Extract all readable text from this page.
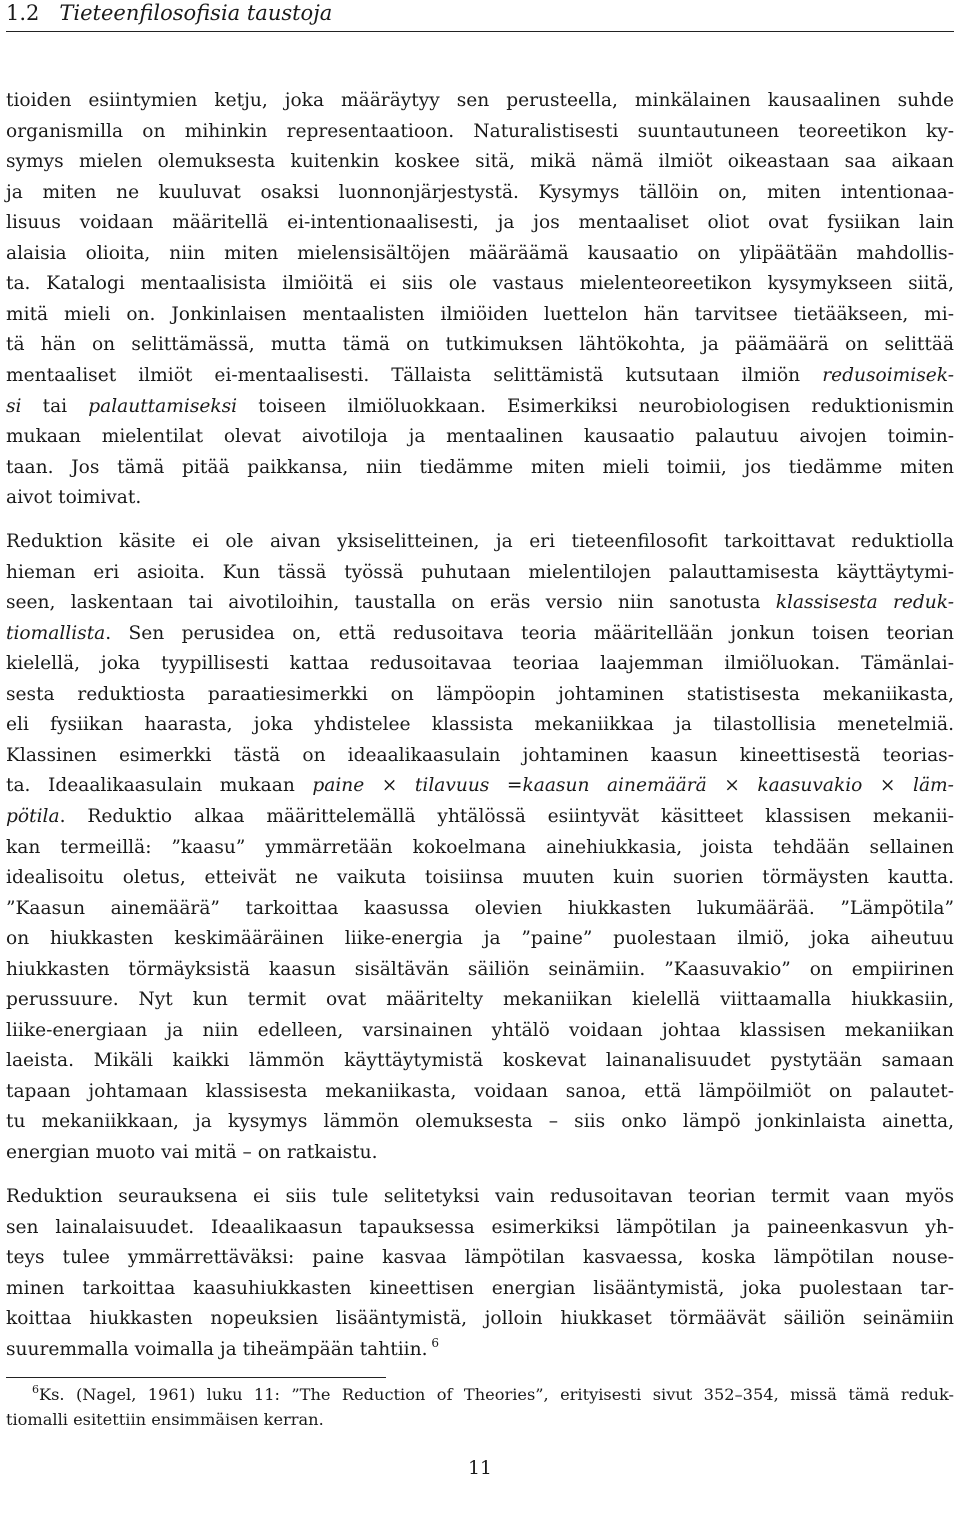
1.2 Tieteenfilosofisia taustoja
tioiden esiintymien ketju, joka määräytyy sen perusteella, minkälainen kausaalinen suhde
organismilla on mihinkin representaatioon. Naturalistisesti suuntautuneen teoreetikon ky-
symys mielen olemuksesta kuitenkin koskee sitä, mikä nämä ilmiöt oikeastaan saa aikaan
ja miten ne kuuluvat osaksi luonnonjärjestystä. Kysymys tällöin on, miten intentionaa-
lisuus voidaan määritellä ei-intentionaalisesti, ja jos mentaaliset oliot ovat fysiikan lain
alaisia olioita, niin miten mielensisältöjen määräämä kausaatio on ylipäätään mahdollis-
ta. Katalogi mentaalisista ilmiöitä ei siis ole vastaus mielenteoreetikon kysymykseen siitä,
mitä mieli on. Jonkinlaisen mentaalisten ilmiöiden luettelon hän tarvitsee tietääkseen, mi-
tä hän on selittämässä, mutta tämä on tutkimuksen lähtökohta, ja päämäärä on selittää
mentaaliset ilmiöt ei-mentaalisesti. Tällaista selittämistä kutsutaan ilmiön redusoimisek-
si tai palauttamiseksi toiseen ilmiöluokkaan. Esimerkiksi neurobiologisen reduktionismin
mukaan mielentilat olevat aivotiloja ja mentaalinen kausaatio palautuu aivojen toimin-
taan. Jos tämä pitää paikkansa, niin tiedämme miten mieli toimii, jos tiedämme miten
aivot toimivat.
Reduktion käsite ei ole aivan yksiselitteinen, ja eri tieteenfilosofit tarkoittavat reduktiolla
hieman eri asioita. Kun tässä työssä puhutaan mielentilojen palauttamisesta käyttäytymi-
seen, laskentaan tai aivotiloihin, taustalla on eräs versio niin sanotusta klassisesta reduk-
tiomallista. Sen perusidea on, että redusoitava teoria määritellään jonkun toisen teorian
kielellä, joka tyypillisesti kattaa redusoitavaa teoriaa laajemman ilmiöluokan. Tämänlai-
sesta reduktiosta paraatiesimerkki on lämpöopin johtaminen statistisesta mekaniikasta,
eli fysiikan haarasta, joka yhdistelee klassista mekaniikkaa ja tilastollisia menetelmiä.
Klassinen esimerkki tästä on ideaalikaasulain johtaminen kaasun kineettisestä teorias-
ta. Ideaalikaasulain mukaan paine × tilavuus =kaasun ainemäärä × kaasuvakio × läm-
pötila. Reduktio alkaa määrittelemällä yhtälössä esiintyvät käsitteet klassisen mekanii-
kan termeillä: ”kaasu” ymmärretään kokoelmana ainehiukkasia, joista tehdään sellainen
idealisoitu oletus, etteivät ne vaikuta toisiinsa muuten kuin suorien törmäysten kautta.
”Kaasun ainemäärä” tarkoittaa kaasussa olevien hiukkasten lukumäärää. ”Lämpötila”
on hiukkasten keskimääräinen liike-energia ja ”paine” puolestaan ilmiö, joka aiheutuu
hiukkasten törmäyksistä kaasun sisältävän säiliön seinämiin. ”Kaasuvakio” on empiirinen
perussuure. Nyt kun termit ovat määritelty mekaniikan kielellä viittaamalla hiukkasiin,
liike-energiaan ja niin edelleen, varsinainen yhtälö voidaan johtaa klassisen mekaniikan
laeista. Mikäli kaikki lämmön käyttäytymistä koskevat lainanalisuudet pystytään samaan
tapaan johtamaan klassisesta mekaniikasta, voidaan sanoa, että lämpöilmiöt on palautet-
tu mekaniikkaan, ja kysymys lämmön olemuksesta – siis onko lämpö jonkinlaista ainetta,
energian muoto vai mitä – on ratkaistu.
Reduktion seurauksena ei siis tule selitetyksi vain redusoitavan teorian termit vaan myös
sen lainalaisuudet. Ideaalikaasun tapauksessa esimerkiksi lämpötilan ja paineenkasvun yh-
teys tulee ymmärrettäväksi: paine kasvaa lämpötilan kasvaessa, koska lämpötilan nouse-
minen tarkoittaa kaasuhiukkasten kineettisen energian lisääntymistä, joka puolestaan tar-
koittaa hiukkasten nopeuksien lisääntymistä, jolloin hiukkaset törmäävät säiliön seinämiin
suuremmalla voimalla ja tiheämpään tahtiin. $^6$
$^6$Ks. (Nagel, 1961) luku 11: ”The Reduction of Theories”, erityisesti sivut 352–354, missä tämä reduk-
tiomalli esitettiin ensimmäisen kerran.
11
